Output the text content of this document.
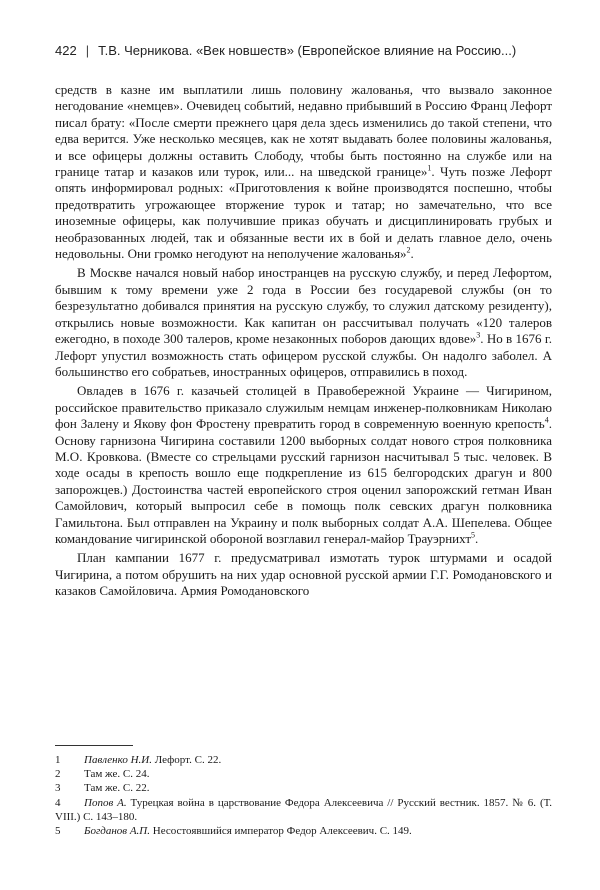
422 | Т.В. Черникова. «Век новшеств» (Европейское влияние на Россию...)

средств в казне им выплатили лишь половину жалованья, что вызвало законное негодование «немцев». Очевидец событий, недавно прибывший в Россию Франц Лефорт писал брату: «После смерти прежнего царя дела здесь изменились до такой степени, что едва верится. Уже несколько месяцев, как не хотят выдавать более половины жалованья, и все офицеры должны оставить Слободу, чтобы быть постоянно на службе или на границе татар и казаков или турок, или... на шведской границе»$^1$. Чуть позже Лефорт опять информировал родных: «Приготовления к войне производятся поспешно, чтобы предотвратить угрожающее вторжение турок и татар; но замечательно, что все иноземные офицеры, как получившие приказ обучать и дисциплинировать грубых и необразованных людей, так и обязанные вести их в бой и делать главное дело, очень недовольны. Они громко негодуют на неполучение жалованья»$^2$.

В Москве начался новый набор иностранцев на русскую службу, и перед Лефортом, бывшим к тому времени уже 2 года в России без государевой службы (он то безрезультатно добивался принятия на русскую службу, то служил датскому резиденту), открылись новые возможности. Как капитан он рассчитывал получать «120 талеров ежегодно, в походе 300 талеров, кроме незаконных поборов дающих вдове»$^3$. Но в 1676 г. Лефорт упустил возможность стать офицером русской службы. Он надолго заболел. А большинство его собратьев, иностранных офицеров, отправились в поход.

Овладев в 1676 г. казачьей столицей в Правобережной Украине — Чигирином, российское правительство приказало служилым немцам инженер-полковникам Николаю фон Залену и Якову фон Фростену превратить город в современную военную крепость$^4$. Основу гарнизона Чигирина составили 1200 выборных солдат нового строя полковника М.О. Кровкова. (Вместе со стрельцами русский гарнизон насчитывал 5 тыс. человек. В ходе осады в крепость вошло еще подкрепление из 615 белгородских драгун и 800 запорожцев.) Достоинства частей европейского строя оценил запорожский гетман Иван Самойлович, который выпросил себе в помощь полк севских драгун полковника Гамильтона. Был отправлен на Украину и полк выборных солдат А.А. Шепелева. Общее командование чигиринской обороной возглавил генерал-майор Трауэрнихт$^5$.

План кампании 1677 г. предусматривал измотать турок штурмами и осадой Чигирина, а потом обрушить на них удар основной русской армии Г.Г. Ромодановского и казаков Самойловича. Армия Ромодановского

1 Павленко Н.И. Лефорт. С. 22.
2 Там же. С. 24.
3 Там же. С. 22.
4 Попов А. Турецкая война в царствование Федора Алексеевича // Русский вестник. 1857. № 6. (Т. VIII.) С. 143–180.
5 Богданов А.П. Несостоявшийся император Федор Алексеевич. С. 149.
